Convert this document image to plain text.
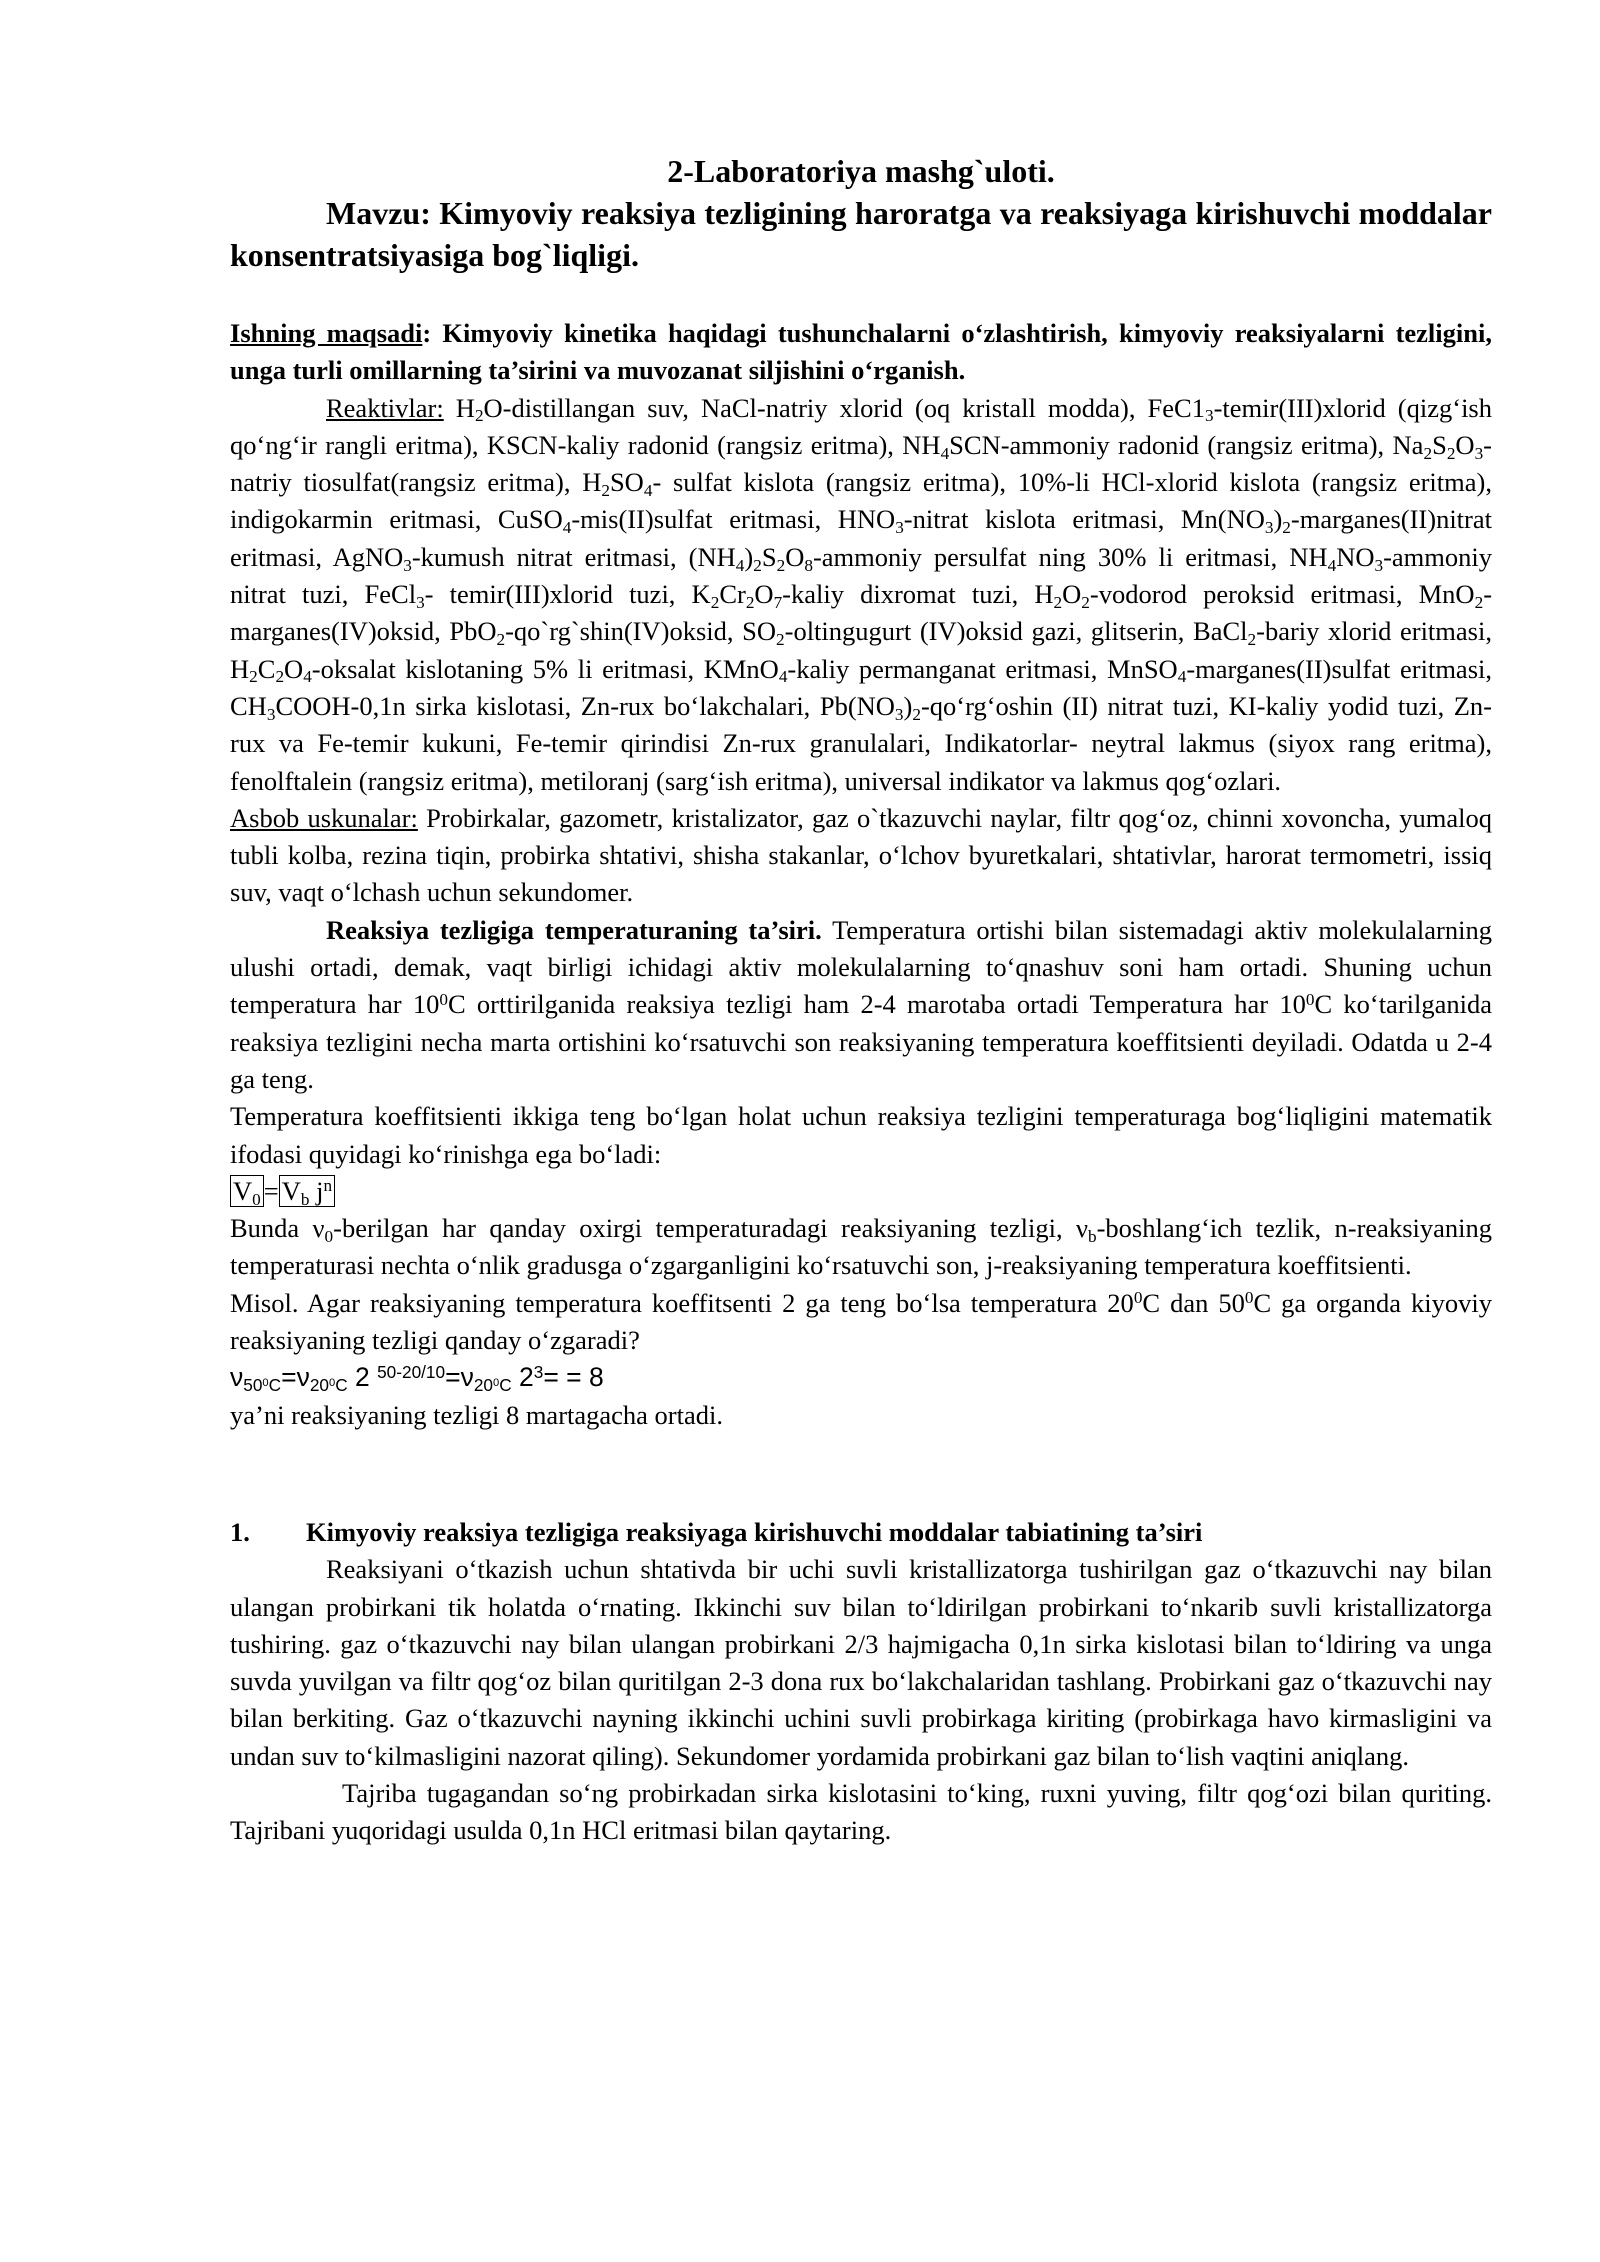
2-Laboratoriya mashg`uloti.

Mavzu: Kimyoviy reaksiya tezligining haroratga va reaksiyaga kirishuvchi moddalar konsentratsiyasiga bog`liqligi.

Ishning maqsadi: Kimyoviy kinetika haqidagi tushunchalarni o‘zlashtirish, kimyoviy reaksiyalarni tezligini, unga turli omillarning ta’sirini va muvozanat siljishini o‘rganish.

Reaktivlar: $H_2O$-distillangan suv, NaCl-natriy xlorid (oq kristall modda), $FeC1_3-temir(III)xlorid$ (qizg‘ish qo‘ng‘ir rangli eritma), KSCN-kaliy radonid (rangsiz eritma), $NH_4SCN$-ammoniy radonid (rangsiz eritma), $Na_2S_2O_3$-natriy tiosulfat(rangsiz eritma), $H_2SO_4-$ sulfat kislota (rangsiz eritma), 10%-li HCl-xlorid kislota (rangsiz eritma), indigokarmin eritmasi, CuSO$_4$-mis(II)sulfat eritmasi, $HNO_3$-nitrat kislota eritmasi, $Mn(NO_3)_2-marganes(II)nitrat$ eritmasi, AgNO$_3$-kumush nitrat eritmasi, $(NH_4)_2S_2O_8$-ammoniy persulfat ning 30% li eritmasi, $NH_4NO_3$-ammoniy nitrat tuzi, FeCl$_3$- temir(III)xlorid tuzi, $K_2Cr_2O_7$-kaliy dixromat tuzi, $H_2O_2$-vodorod peroksid eritmasi, MnO$_2$-marganes(IV)oksid, PbO$_2$-qo`rg`shin(IV)oksid, $SO_2$-oltingugurt (IV)oksid gazi, glitserin, BaCl$_2$-bariy xlorid eritmasi, $H_2C_2O_4$-oksalat kislotaning 5% li eritmasi, KMnO$_4$-kaliy permanganat eritmasi, MnSO$_4$-marganes(II)sulfat eritmasi, $CH_3COOH-0,1n$ sirka kislotasi, Zn-rux bo‘lakchalari, $Pb(NO_3)_2-qo‘rg‘oshin$ (II) nitrat tuzi, KI-kaliy yodid tuzi, Zn-rux va Fe-temir kukuni, Fe-temir qirindisi Zn-rux granulalari, Indikatorlar- neytral lakmus (siyox rang eritma), fenolftalein (rangsiz eritma), metiloranj (sarg‘ish eritma), universal indikator va lakmus qog‘ozlari.

Asbob uskunalar: Probirkalar, gazometr, kristalizator, gaz o`tkazuvchi naylar, filtr qog‘oz, chinni xovoncha, yumaloq tubli kolba, rezina tiqin, probirka shtativi, shisha stakanlar, o‘lchov byuretkalari, shtativlar, harorat termometri, issiq suv, vaqt o‘lchash uchun sekundomer.

Reaksiya tezligiga temperaturaning ta’siri. Temperatura ortishi bilan sistemadagi aktiv molekulalarning ulushi ortadi, demak, vaqt birligi ichidagi aktiv molekulalarning to‘qnashuv soni ham ortadi. Shuning uchun temperatura har $10^0C$ orttirilganida reaksiya tezligi ham 2-4 marotaba ortadi Temperatura har $10^0C$ ko‘tarilganida reaksiya tezligini necha marta ortishini ko‘rsatuvchi son reaksiyaning temperatura koeffitsienti deyiladi. Odatda u 2-4 ga teng.

Temperatura koeffitsienti ikkiga teng bo‘lgan holat uchun reaksiya tezligini temperaturaga bog‘liqligini matematik ifodasi quyidagi ko‘rinishga ega bo‘ladi:

$V_0 = V_b$ $j^n$

Bunda $\nu_0$-berilgan har qanday oxirgi temperaturadagi reaksiyaning tezligi, $\nu_b-boshlang‘ich$ tezlik, n-reaksiyaning temperaturasi nechta o‘nlik gradusga o‘zgarganligini ko‘rsatuvchi son, j-reaksiyaning temperatura koeffitsienti.

Misol. Agar reaksiyaning temperatura koeffitsenti 2 ga teng bo‘lsa temperatura $20^0C$ dan $50^0C$ ga organda kiyoviy reaksiyaning tezligi qanday o‘zgaradi?

$\nu_{50^0C}=\nu_{20^0C}$ 2 $^{50-20/10}=\nu_{20^0C}$ $2^3= = 8$

ya’ni reaksiyaning tezligi 8 martagacha ortadi.

1.	Kimyoviy reaksiya tezligiga reaksiyaga kirishuvchi moddalar tabiatining ta’siri

Reaksiyani o‘tkazish uchun shtativda bir uchi suvli kristallizatorga tushirilgan gaz o‘tkazuvchi nay bilan ulangan probirkani tik holatda o‘rnating. Ikkinchi suv bilan to‘ldirilgan probirkani to‘nkarib suvli kristallizatorga tushiring. gaz o‘tkazuvchi nay bilan ulangan probirkani 2/3 hajmigacha 0,1n sirka kislotasi bilan to‘ldiring va unga suvda yuvilgan va filtr qog‘oz bilan quritilgan 2-3 dona rux bo‘lakchalaridan tashlang. Probirkani gaz o‘tkazuvchi nay bilan berkiting. Gaz o‘tkazuvchi nayning ikkinchi uchini suvli probirkaga kiriting (probirkaga havo kirmasligini va undan suv to‘kilmasligini nazorat qiling). Sekundomer yordamida probirkani gaz bilan to‘lish vaqtini aniqlang.

Tajriba tugagandan so‘ng probirkadan sirka kislotasini to‘king, ruxni yuving, filtr qog‘ozi bilan quriting. Tajribani yuqoridagi usulda 0,1n HCl eritmasi bilan qaytaring.
